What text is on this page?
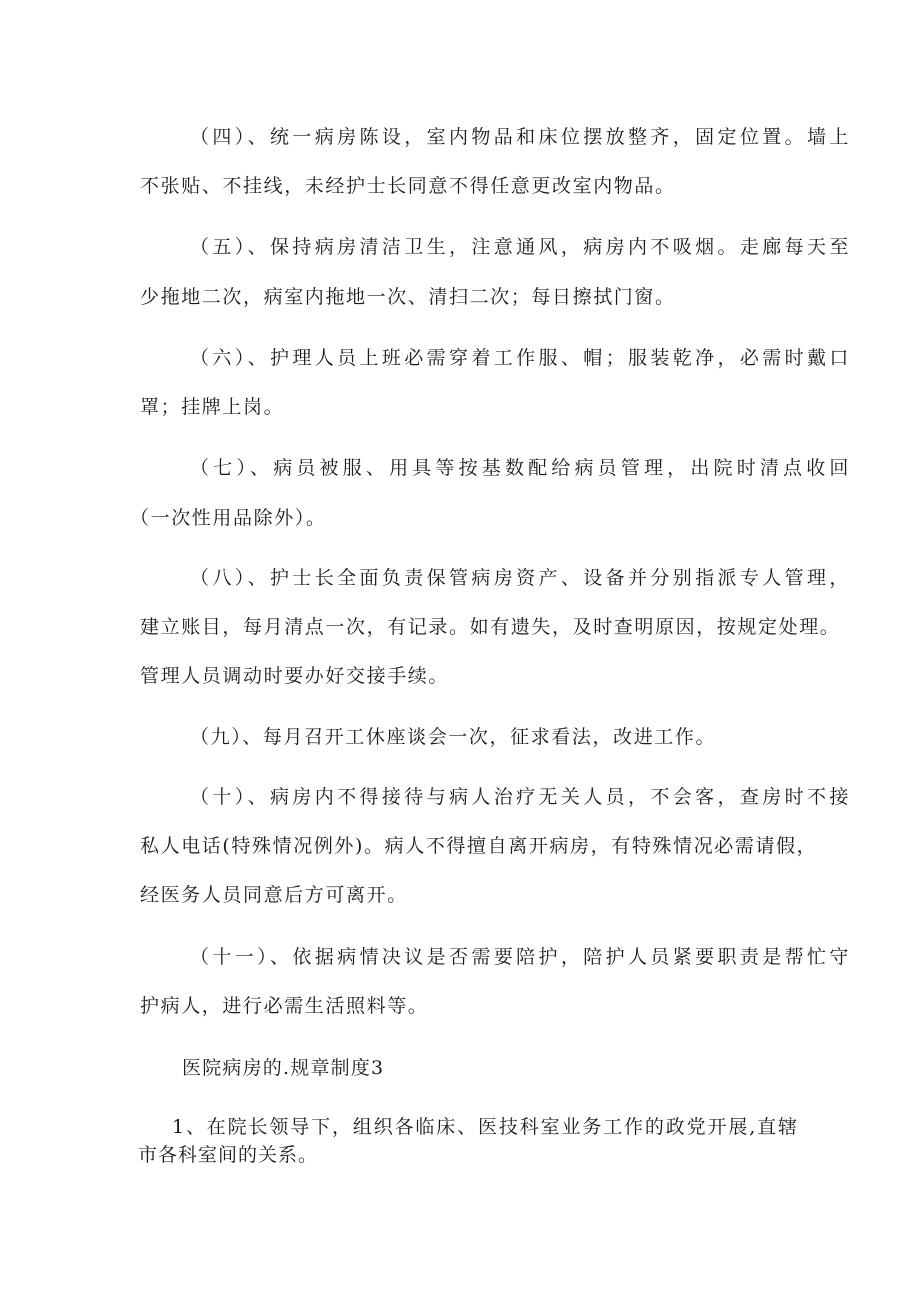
（四）、统一病房陈设，室内物品和床位摆放整齐，固定位置。墙上
不张贴、不挂线，未经护士长同意不得任意更改室内物品。
（五）、保持病房清洁卫生，注意通风，病房内不吸烟。走廊每天至
少拖地二次，病室内拖地一次、清扫二次；每日擦拭门窗。
（六）、护理人员上班必需穿着工作服、帽；服装乾净，必需时戴口
罩；挂牌上岗。
（七）、病员被服、用具等按基数配给病员管理，出院时清点收回
（一次性用品除外）。
（八）、护士长全面负责保管病房资产、设备并分别指派专人管理，
建立账目，每月清点一次，有记录。如有遗失，及时查明原因，按规定处理。
管理人员调动时要办好交接手续。
（九）、每月召开工休座谈会一次，征求看法，改进工作。
（十）、病房内不得接待与病人治疗无关人员，不会客，查房时不接
私人电话(特殊情况例外)。病人不得擅自离开病房，有特殊情况必需请假，
经医务人员同意后方可离开。
（十一）、依据病情决议是否需要陪护，陪护人员紧要职责是帮忙守
护病人，进行必需生活照料等。
医院病房的.规章制度3
1、在院长领导下，组织各临床、医技科室业务工作的政党开展,直辖
市各科室间的关系。
